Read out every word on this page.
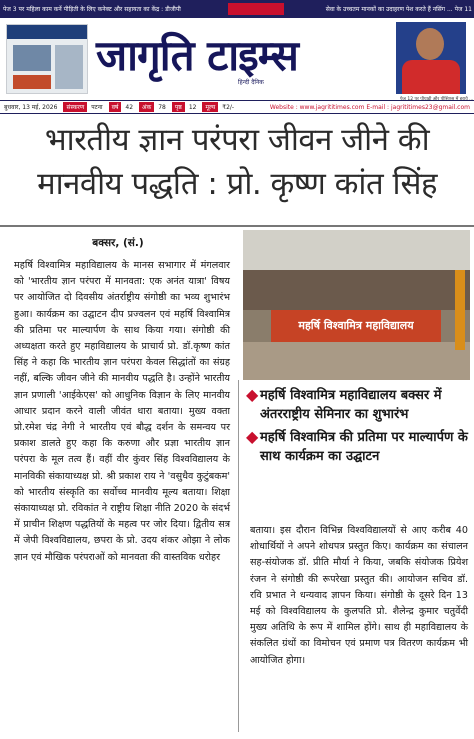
पेज 3 पर महिला काम कर्ने पीड़िती के लिए कनेक्ट और सहायता का केंद्र : डीजीपी	सेवा के उच्चतम मानकों का उदाहरण पेश करते हैं नसिंग ... पेज 11
जागृति टाइम्स
हिन्दी दैनिक
पेज 12 पर पीयाडी और पीसिएस में हराये ...
बुधवार, 13 मई, 2026	संस्करण	पटना	वर्ष	42	अंक	78	पृष्ठ	12	मूल्य	₹2/-	Website : www.jagrititimes.com E-mail : jagrititimes23@gmail.com
भारतीय ज्ञान परंपरा जीवन जीने की
मानवीय पद्धति : प्रो. कृष्ण कांत सिंह
बक्सर, (सं.)
महर्षि विश्वामित्र महाविद्यालय के मानस सभागार में मंगलवार को 'भारतीय ज्ञान परंपरा में मानवता: एक अनंत यात्रा' विषय पर आयोजित दो दिवसीय अंतर्राष्ट्रीय संगोष्ठी का भव्य शुभारंभ हुआ। कार्यक्रम का उद्घाटन दीप प्रज्वलन एवं महर्षि विश्वामित्र की प्रतिमा पर माल्यार्पण के साथ किया गया। संगोष्ठी की अध्यक्षता करते हुए महाविद्यालय के प्राचार्य प्रो. डॉ.कृष्ण कांत सिंह ने कहा कि भारतीय ज्ञान परंपरा केवल सिद्धांतों का संग्रह नहीं, बल्कि जीवन जीने की मानवीय पद्धति है। उन्होंने भारतीय ज्ञान प्रणाली 'आईकेएस' को आधुनिक विज्ञान के लिए मानवीय आधार प्रदान करने वाली जीवंत धारा बताया। मुख्य वक्ता प्रो.रमेश चंद्र नेगी ने भारतीय एवं बौद्ध दर्शन के समन्वय पर प्रकाश डालते हुए कहा कि करुणा और प्रज्ञा भारतीय ज्ञान परंपरा के मूल तत्व हैं। वहीं वीर कुंवर सिंह विश्वविद्यालय के मानविकी संकायाध्यक्ष प्रो. श्री प्रकाश राय ने 'वसुधैव कुटुंबकम' को भारतीय संस्कृति का सर्वोच्च मानवीय मूल्य बताया। शिक्षा संकायाध्यक्ष प्रो. रविकांत ने राष्ट्रीय शिक्षा नीति 2020 के संदर्भ में प्राचीन शिक्षण पद्धतियों के महत्व पर जोर दिया। द्वितीय सत्र में जेपी विश्वविद्यालय, छपरा के प्रो. उदय शंकर ओझा ने लोक ज्ञान एवं मौखिक परंपराओं को मानवता की वास्तविक धरोहर
महर्षि विश्वामित्र महाविद्यालय
◆ महर्षि विश्वामित्र महाविद्यालय बक्सर में अंतरराष्ट्रीय सेमिनार का शुभारंभ
◆ महर्षि विश्वामित्र की प्रतिमा पर माल्यार्पण के साथ कार्यक्रम का उद्घाटन
बताया। इस दौरान विभिन्न विश्वविद्यालयों से आए करीब 40 शोधार्थियों ने अपने शोधपत्र प्रस्तुत किए। कार्यक्रम का संचालन सह-संयोजक डॉ. प्रीति मौर्या ने किया, जबकि संयोजक प्रियेश रंजन ने संगोष्ठी की रूपरेखा प्रस्तुत की। आयोजन सचिव डॉ. रवि प्रभात ने धन्यवाद ज्ञापन किया। संगोष्ठी के दूसरे दिन 13 मई को विश्वविद्यालय के कुलपति प्रो. शैलेन्द्र कुमार चतुर्वेदी मुख्य अतिथि के रूप में शामिल होंगे। साथ ही महाविद्यालय के संकलित ग्रंथों का विमोचन एवं प्रमाण पत्र वितरण कार्यक्रम भी आयोजित होगा।
